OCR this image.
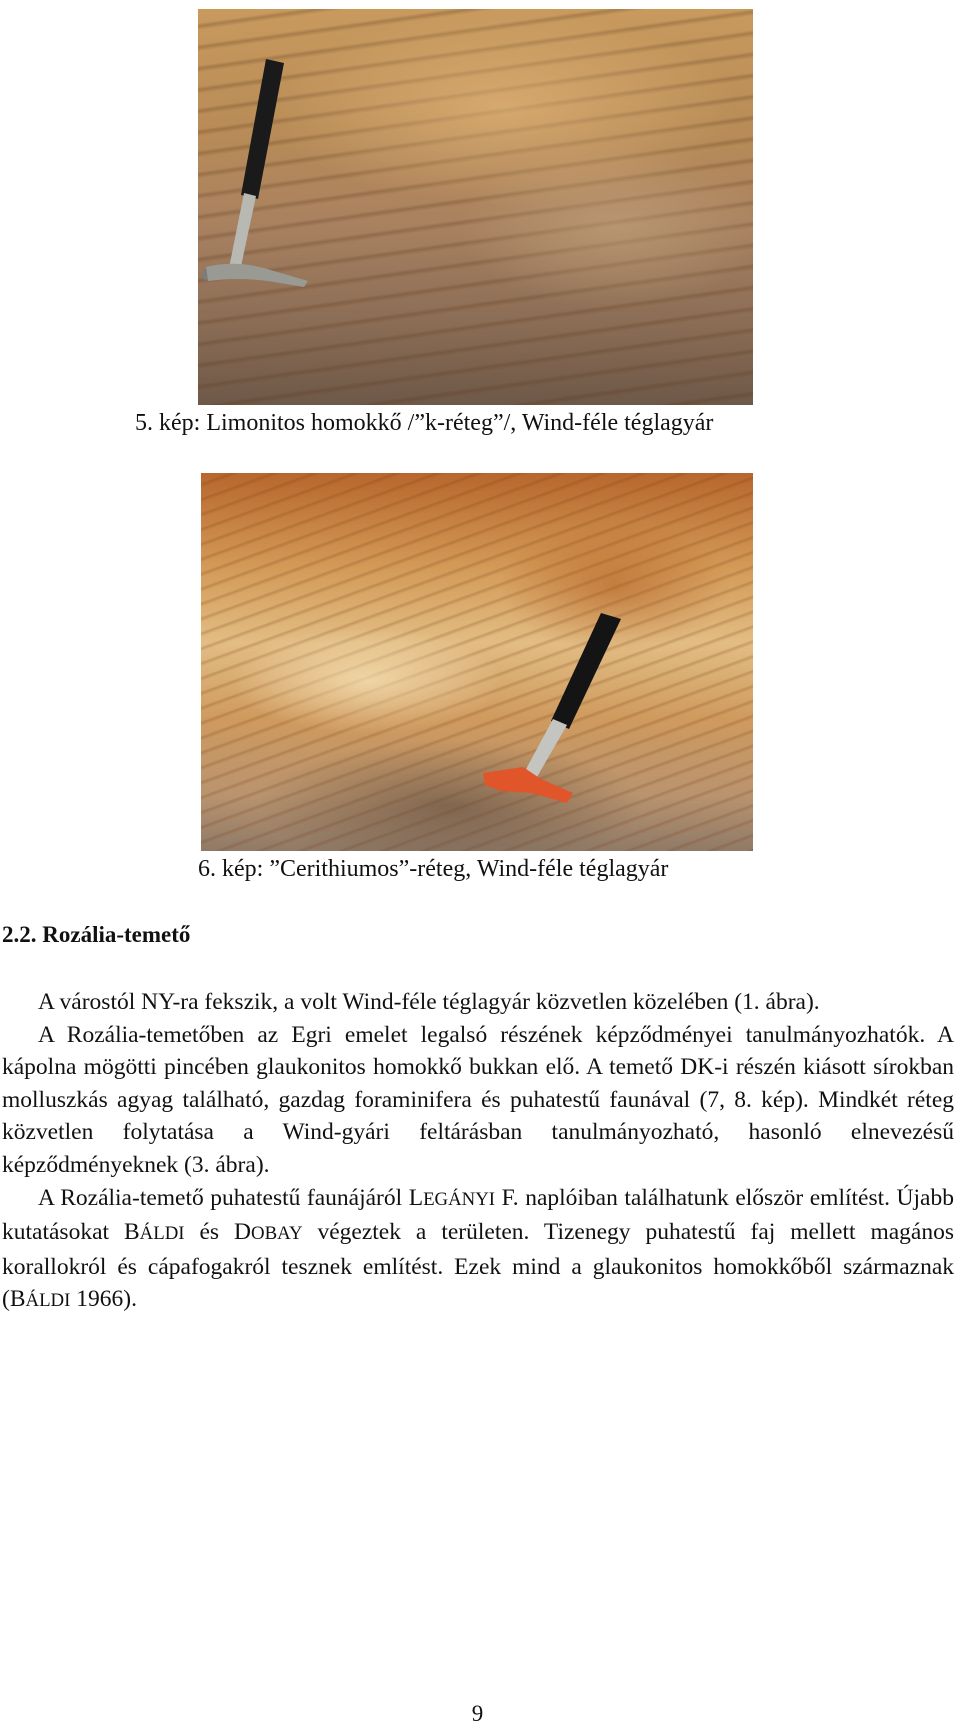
5. kép: Limonitos homokkő /”k-réteg”/, Wind-féle téglagyár
6. kép: ”Cerithiumos”-réteg, Wind-féle téglagyár
2.2. Rozália-temető

A várostól NY-ra fekszik, a volt Wind-féle téglagyár közvetlen közelében (1. ábra).

A Rozália-temetőben az Egri emelet legalsó részének képződményei tanulmányozhatók. A kápolna mögötti pincében glaukonitos homokkő bukkan elő. A temető DK-i részén kiásott sírokban molluszkás agyag található, gazdag foraminifera és puhatestű faunával (7, 8. kép). Mindkét réteg közvetlen folytatása a Wind-gyári feltárásban tanulmányozható, hasonló elnevezésű képződményeknek (3. ábra).

A Rozália-temető puhatestű faunájáról LEGÁNYI F. naplóiban találhatunk először említést. Újabb kutatásokat BÁLDI és DOBAY végeztek a területen. Tizenegy puhatestű faj mellett magános korallokról és cápafogakról tesznek említést. Ezek mind a glaukonitos homokkőből származnak (BÁLDI 1966).

9
